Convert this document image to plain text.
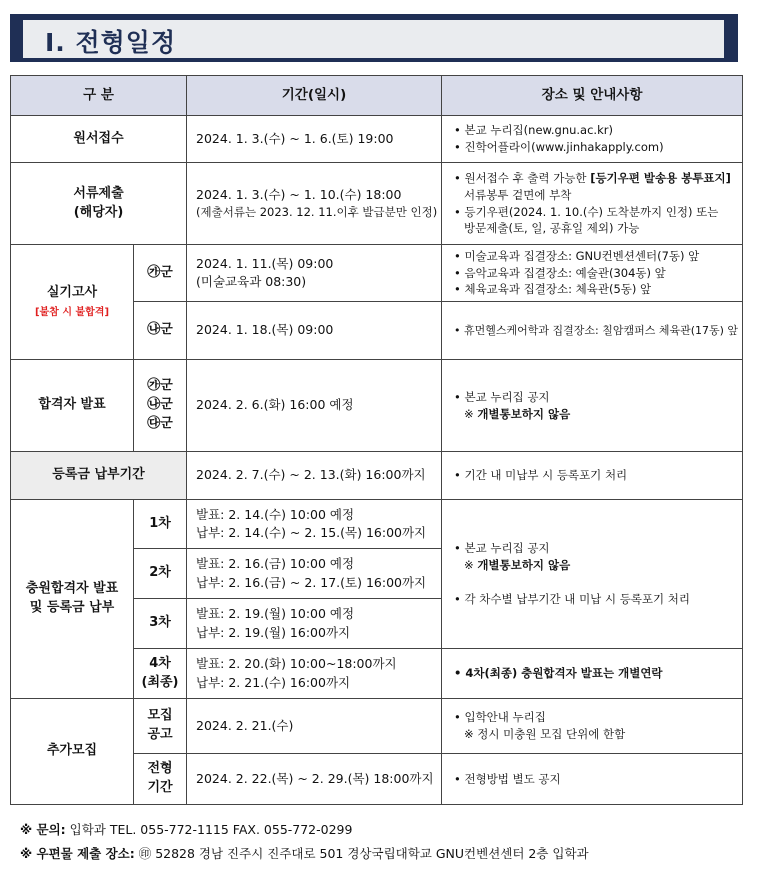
Ⅰ. 전형일정
구 분		기간(일시)	장소 및 안내사항
원서접수		2024. 1. 3.(수) ~ 1. 6.(토) 19:00	• 본교 누리집(new.gnu.ac.kr)
• 진학어플라이(www.jinhakapply.com)

서류제출
(해당자)		2024. 1. 3.(수) ~ 1. 10.(수) 18:00
(제출서류는 2023. 12. 11.이후 발급분만 인정)	• 원서접수 후 출력 가능한 [등기우편 발송용 봉투표지]
서류봉투 겉면에 부착
• 등기우편(2024. 1. 10.(수) 도착분까지 인정) 또는
방문제출(토, 일, 공휴일 제외) 가능

실기고사
[불참 시 불합격]	㉮군	2024. 1. 11.(목) 09:00
(미술교육과 08:30)	• 미술교육과 집결장소: GNU컨벤션센터(7동) 앞
• 음악교육과 집결장소: 예술관(304동) 앞
• 체육교육과 집결장소: 체육관(5동) 앞

	㉯군	2024. 1. 18.(목) 09:00	• 휴먼헬스케어학과 집결장소: 칠암캠퍼스 체육관(17동) 앞

합격자 발표	㉮군
㉯군
㉰군	2024. 2. 6.(화) 16:00 예정	• 본교 누리집 공지
※ 개별통보하지 않음

등록금 납부기간		2024. 2. 7.(수) ~ 2. 13.(화) 16:00까지	• 기간 내 미납부 시 등록포기 처리

충원합격자 발표
및 등록금 납부	1차	발표: 2. 14.(수) 10:00 예정
납부: 2. 14.(수) ~ 2. 15.(목) 16:00까지	• 본교 누리집 공지
※ 개별통보하지 않음
• 각 차수별 납부기간 내 미납 시 등록포기 처리

	2차	발표: 2. 16.(금) 10:00 예정
납부: 2. 16.(금) ~ 2. 17.(토) 16:00까지	

	3차	발표: 2. 19.(월) 10:00 예정
납부: 2. 19.(월) 16:00까지	

	4차
(최종)	발표: 2. 20.(화) 10:00~18:00까지
납부: 2. 21.(수) 16:00까지	• 4차(최종) 충원합격자 발표는 개별연락

추가모집	모집
공고	2024. 2. 21.(수)	• 입학안내 누리집
※ 정시 미충원 모집 단위에 한함

	전형
기간	2024. 2. 22.(목) ~ 2. 29.(목) 18:00까지	• 전형방법 별도 공지
※ 문의: 입학과 TEL. 055-772-1115 FAX. 055-772-0299
※ 우편물 제출 장소: ㊞ 52828 경남 진주시 진주대로 501 경상국립대학교 GNU컨벤션센터 2층 입학과
